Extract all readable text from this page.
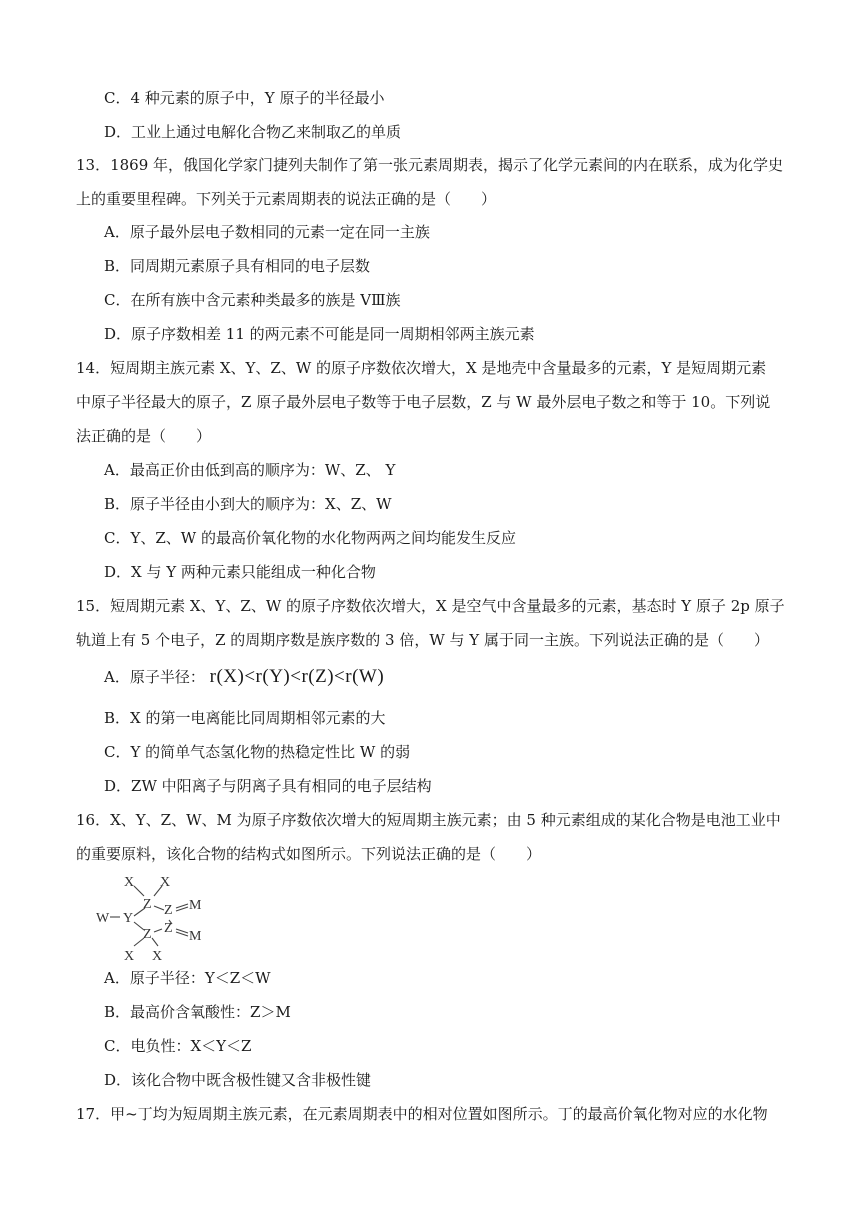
C．4 种元素的原子中，Y 原子的半径最小
D．工业上通过电解化合物乙来制取乙的单质
13．1869 年，俄国化学家门捷列夫制作了第一张元素周期表，揭示了化学元素间的内在联系，成为化学史
上的重要里程碑。下列关于元素周期表的说法正确的是（　　）
A．原子最外层电子数相同的元素一定在同一主族
B．同周期元素原子具有相同的电子层数
C．在所有族中含元素种类最多的族是 VⅢ族
D．原子序数相差 11 的两元素不可能是同一周期相邻两主族元素
14．短周期主族元素 X、Y、Z、W 的原子序数依次增大，X 是地壳中含量最多的元素，Y 是短周期元素
中原子半径最大的原子，Z 原子最外层电子数等于电子层数，Z 与 W 最外层电子数之和等于 10。下列说
法正确的是（　　）
A．最高正价由低到高的顺序为：W、Z、 Y
B．原子半径由小到大的顺序为：X、Z、W
C．Y、Z、W 的最高价氧化物的水化物两两之间均能发生反应
D．X 与 Y 两种元素只能组成一种化合物
15．短周期元素 X、Y、Z、W 的原子序数依次增大，X 是空气中含量最多的元素，基态时 Y 原子 2p 原子
轨道上有 5 个电子，Z 的周期序数是族序数的 3 倍，W 与 Y 属于同一主族。下列说法正确的是（　　）
A．原子半径： r(X)<r(Y)<r(Z)<r(W)
B．X 的第一电离能比同周期相邻元素的大
C．Y 的简单气态氢化物的热稳定性比 W 的弱
D．ZW 中阳离子与阴离子具有相同的电子层结构
16．X、Y、Z、W、M 为原子序数依次增大的短周期主族元素；由 5 种元素组成的某化合物是电池工业中
的重要原料，该化合物的结构式如图所示。下列说法正确的是（　　）
X X
Z Z M
W Y
Z Z
M
X X
A．原子半径：Y＜Z＜W
B．最高价含氧酸性：Z＞M
C．电负性：X＜Y＜Z
D．该化合物中既含极性键又含非极性键
17．甲~丁均为短周期主族元素，在元素周期表中的相对位置如图所示。丁的最高价氧化物对应的水化物
